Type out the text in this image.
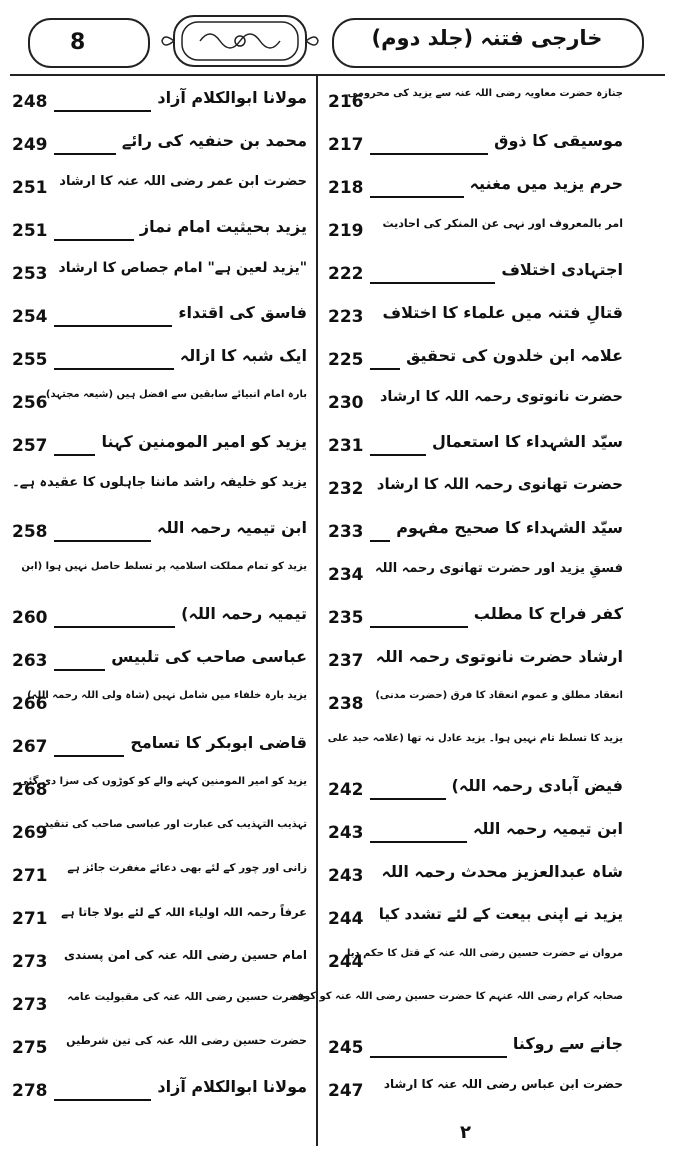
8	خارجی فتنہ (جلد دوم)
جنازہ حضرت معاویہ رضی اللہ عنہ سے یزید کی محرومی
216
موسیقی کا ذوق
217
حرم یزید میں مغنیہ
218
امر بالمعروف اور نہی عن المنکر کی احادیث
219
اجتہادی اختلاف
222
قتالِ فتنہ میں علماء کا اختلاف
223
علامہ ابن خلدون کی تحقیق
225
حضرت نانوتوی رحمہ اللہ کا ارشاد
230
سیّد الشہداء کا استعمال
231
حضرت تھانوی رحمہ اللہ کا ارشاد
232
سیّد الشہداء کا صحیح مفہوم
233
فسقِ یزید اور حضرت تھانوی رحمہ اللہ
234
کفر فراح کا مطلب
235
ارشاد حضرت نانوتوی رحمہ اللہ
237
انعقاد مطلق و عموم انعقاد کا فرق (حضرت مدنی)
238
یزید کا تسلط تام نہیں ہوا۔ یزید عادل نہ تھا (علامہ حید علی
فیض آبادی رحمہ اللہ)
242
ابن تیمیہ رحمہ اللہ
243
شاہ عبدالعزیز محدث رحمہ اللہ
243
یزید نے اپنی بیعت کے لئے تشدد کیا
244
مروان نے حضرت حسین رضی اللہ عنہ کے قتل کا حکم دیا
244
صحابہ کرام رضی اللہ عنہم کا حضرت حسین رضی اللہ عنہ کو کوفہ
جانے سے روکنا
245
حضرت ابن عباس رضی اللہ عنہ کا ارشاد
247
مولانا ابوالکلام آزاد
248
محمد بن حنفیہ کی رائے
249
حضرت ابن عمر رضی اللہ عنہ کا ارشاد
251
یزید بحیثیت امام نماز
251
"یزید لعین ہے" امام جصاص کا ارشاد
253
فاسق کی اقتداء
254
ایک شبہ کا ازالہ
255
بارہ امام انبیائے سابقین سے افضل ہیں (شیعہ مجتہد)
256
یزید کو امیر المومنین کہنا
257
یزید کو خلیفہ راشد ماننا جاہلوں کا عقیدہ ہے۔
ابن تیمیہ رحمہ اللہ
258
یزید کو تمام مملکت اسلامیہ پر تسلط حاصل نہیں ہوا (ابن
تیمیہ رحمہ اللہ)
260
عباسی صاحب کی تلبیس
263
یزید بارہ خلفاء میں شامل نہیں (شاہ ولی اللہ رحمہ اللہ)
266
قاضی ابوبکر کا تسامح
267
یزید کو امیر المومنین کہنے والے کو کوڑوں کی سزا دی گئی
268
تہذیب التہذیب کی عبارت اور عباسی صاحب کی تنقید
269
زانی اور چور کے لئے بھی دعائے مغفرت جائز ہے
271
عرفاً رحمہ اللہ اولیاء اللہ کے لئے بولا جاتا ہے
271
امام حسین رضی اللہ عنہ کی امن پسندی
273
حضرت حسین رضی اللہ عنہ کی مقبولیت عامہ
273
حضرت حسین رضی اللہ عنہ کی تین شرطیں
275
مولانا ابوالکلام آزاد
278
۲
